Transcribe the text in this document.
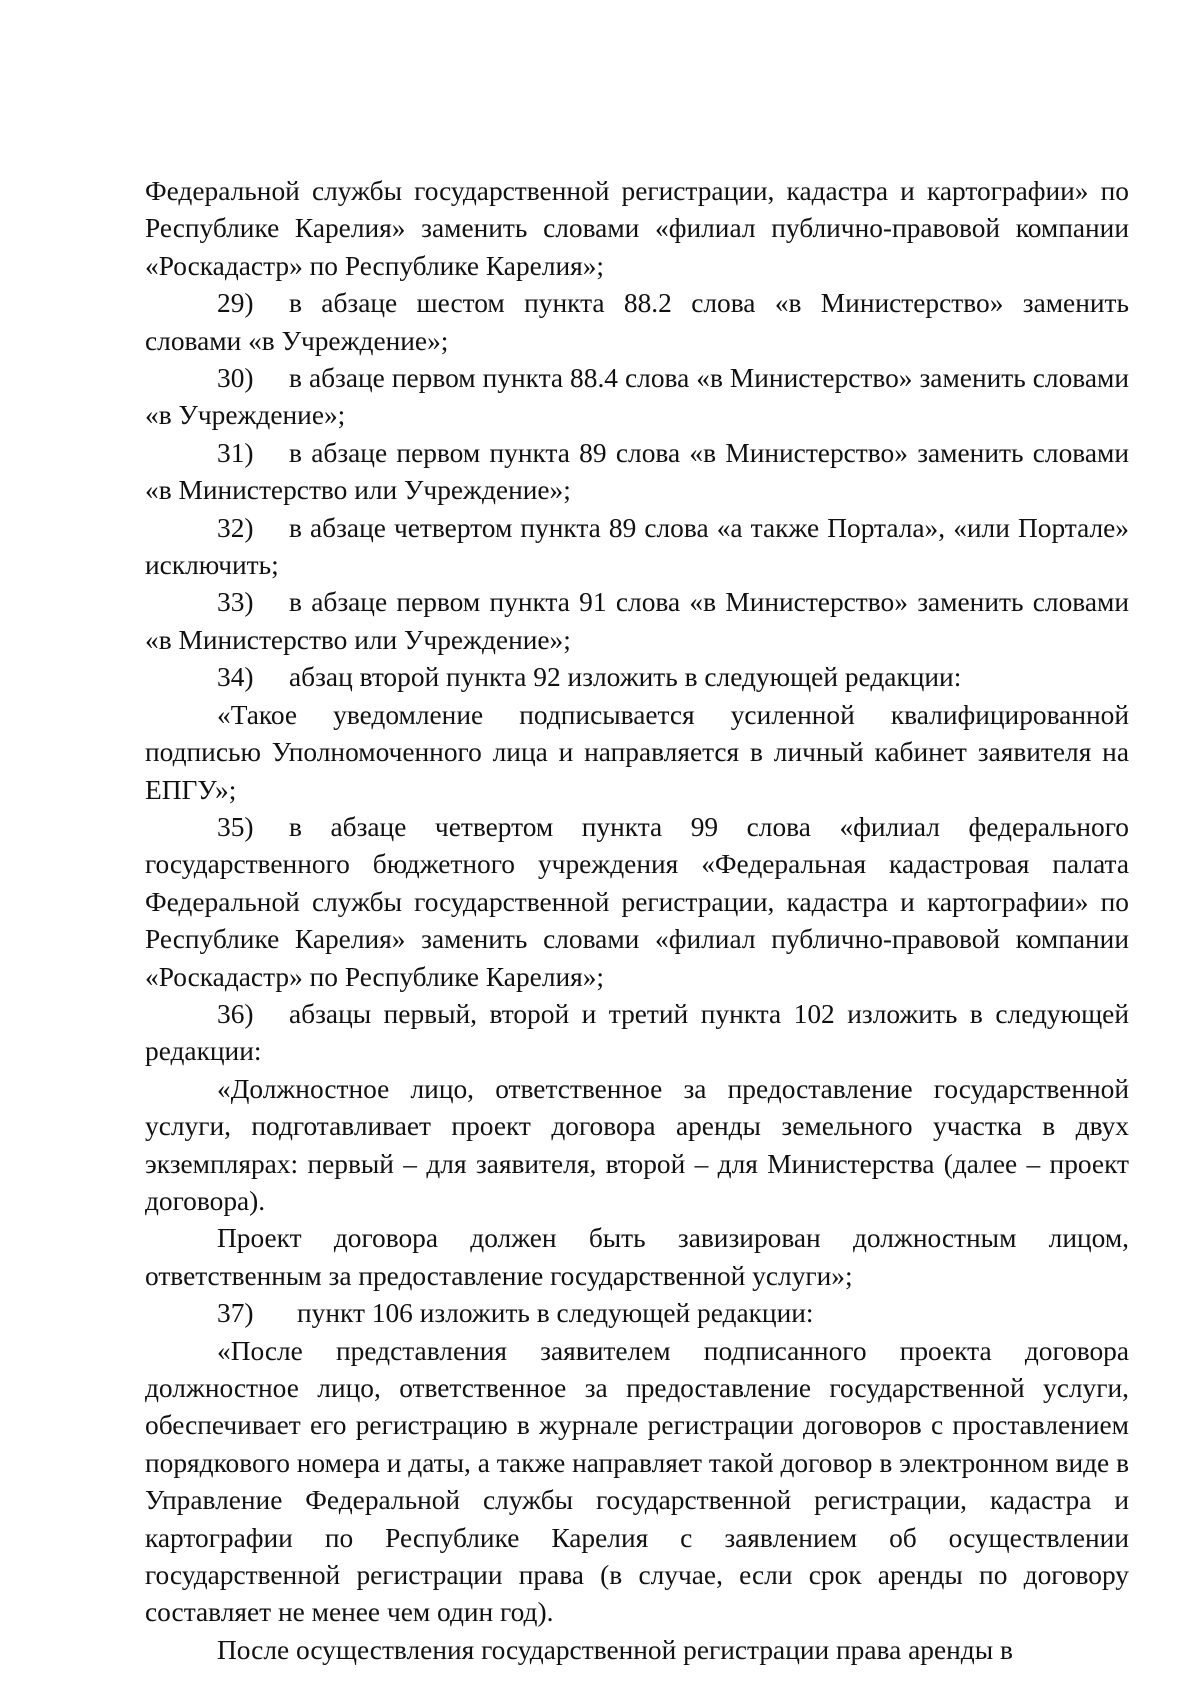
Федеральной службы государственной регистрации, кадастра и картографии» по Республике Карелия» заменить словами «филиал публично-правовой компании «Роскадастр» по Республике Карелия»;

29) в абзаце шестом пункта 88.2 слова «в Министерство» заменить словами «в Учреждение»;

30) в абзаце первом пункта 88.4 слова «в Министерство» заменить словами «в Учреждение»;

31) в абзаце первом пункта 89 слова «в Министерство» заменить словами «в Министерство или Учреждение»;

32) в абзаце четвертом пункта 89 слова «а также Портала», «или Портале» исключить;

33) в абзаце первом пункта 91 слова «в Министерство» заменить словами «в Министерство или Учреждение»;

34) абзац второй пункта 92 изложить в следующей редакции:

«Такое уведомление подписывается усиленной квалифицированной подписью Уполномоченного лица и направляется в личный кабинет заявителя на ЕПГУ»;

35) в абзаце четвертом пункта 99 слова «филиал федерального государственного бюджетного учреждения «Федеральная кадастровая палата Федеральной службы государственной регистрации, кадастра и картографии» по Республике Карелия» заменить словами «филиал публично-правовой компании «Роскадастр» по Республике Карелия»;

36) абзацы первый, второй и третий пункта 102 изложить в следующей редакции:

«Должностное лицо, ответственное за предоставление государственной услуги, подготавливает проект договора аренды земельного участка в двух экземплярах: первый – для заявителя, второй – для Министерства (далее – проект договора).

Проект договора должен быть завизирован должностным лицом, ответственным за предоставление государственной услуги»;

37) пункт 106 изложить в следующей редакции:

«После представления заявителем подписанного проекта договора должностное лицо, ответственное за предоставление государственной услуги, обеспечивает его регистрацию в журнале регистрации договоров с проставлением порядкового номера и даты, а также направляет такой договор в электронном виде в Управление Федеральной службы государственной регистрации, кадастра и картографии по Республике Карелия с заявлением об осуществлении государственной регистрации права (в случае, если срок аренды по договору составляет не менее чем один год).

После осуществления государственной регистрации права аренды в
